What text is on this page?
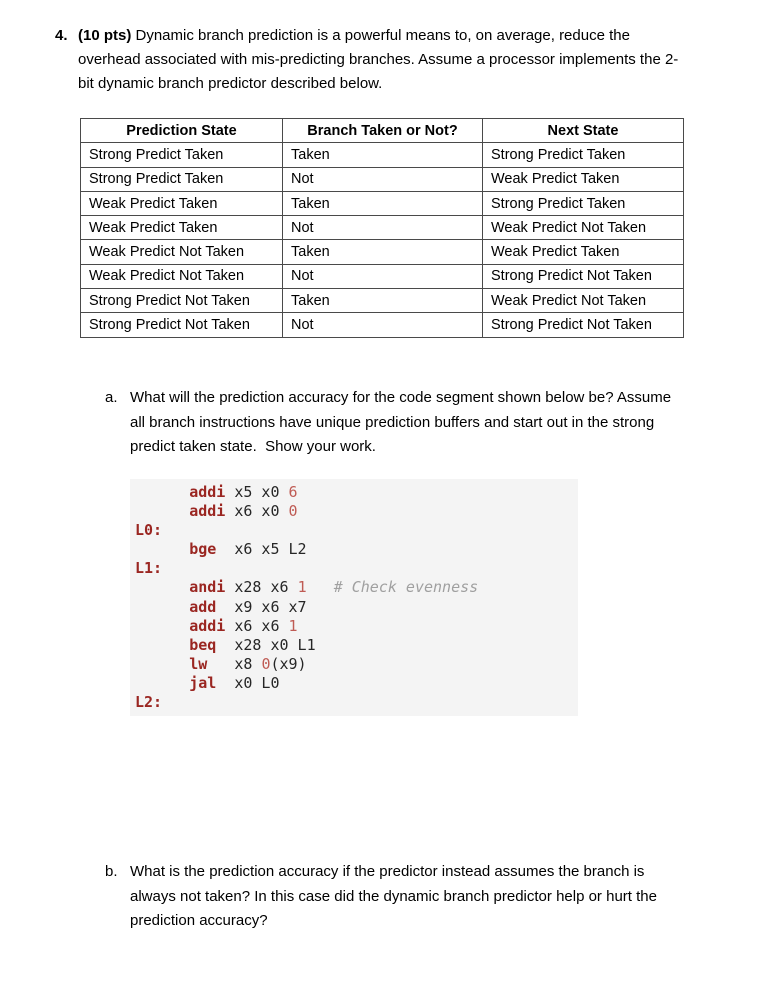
4. (10 pts) Dynamic branch prediction is a powerful means to, on average, reduce the overhead associated with mis-predicting branches. Assume a processor implements the 2-bit dynamic branch predictor described below.
Prediction State	Branch Taken or Not?	Next State
Strong Predict Taken	Taken	Strong Predict Taken
Strong Predict Taken	Not	Weak Predict Taken
Weak Predict Taken	Taken	Strong Predict Taken
Weak Predict Taken	Not	Weak Predict Not Taken
Weak Predict Not Taken	Taken	Weak Predict Taken
Weak Predict Not Taken	Not	Strong Predict Not Taken
Strong Predict Not Taken	Taken	Weak Predict Not Taken
Strong Predict Not Taken	Not	Strong Predict Not Taken
a. What will the prediction accuracy for the code segment shown below be? Assume all branch instructions have unique prediction buffers and start out in the strong predict taken state.  Show your work.
addi x5 x0 6
addi x6 x0 0
L0:
bge  x6 x5 L2
L1:
andi x28 x6 1 # Check evenness
add  x9 x6 x7
addi x6 x6 1
beq  x28 x0 L1
lw   x8 0(x9)
jal  x0 L0
L2:
b. What is the prediction accuracy if the predictor instead assumes the branch is always not taken? In this case did the dynamic branch predictor help or hurt the prediction accuracy?
